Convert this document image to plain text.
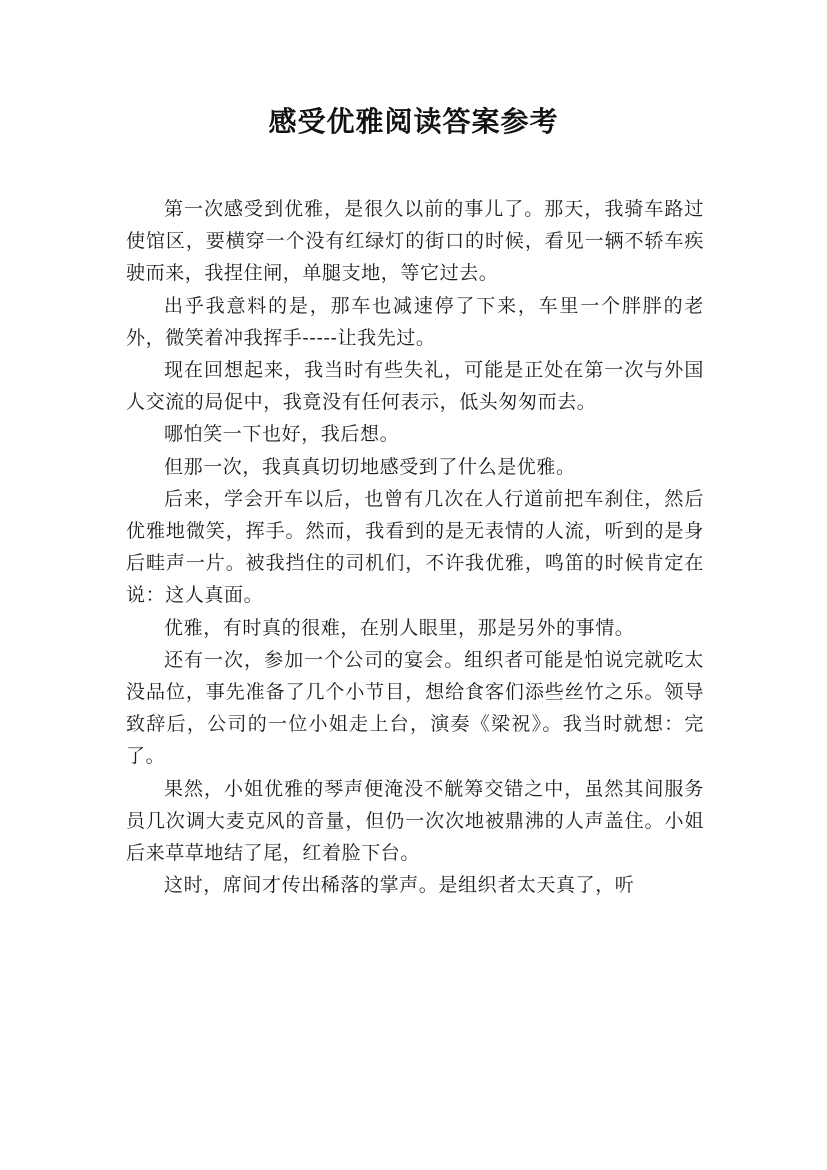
感受优雅阅读答案参考

第一次感受到优雅，是很久以前的事儿了。那天，我骑车路过使馆区，要横穿一个没有红绿灯的街口的时候，看见一辆不轿车疾驶而来，我捏住闸，单腿支地，等它过去。

出乎我意料的是，那车也减速停了下来，车里一个胖胖的老外，微笑着冲我挥手-----让我先过。

现在回想起来，我当时有些失礼，可能是正处在第一次与外国人交流的局促中，我竟没有任何表示，低头匆匆而去。

哪怕笑一下也好，我后想。

但那一次，我真真切切地感受到了什么是优雅。

后来，学会开车以后，也曾有几次在人行道前把车刹住，然后优雅地微笑，挥手。然而，我看到的是无表情的人流，听到的是身后畦声一片。被我挡住的司机们，不许我优雅，鸣笛的时候肯定在说：这人真面。

优雅，有时真的很难，在别人眼里，那是另外的事情。

还有一次，参加一个公司的宴会。组织者可能是怕说完就吃太没品位，事先准备了几个小节目，想给食客们添些丝竹之乐。领导致辞后，公司的一位小姐走上台，演奏《梁祝》。我当时就想：完了。

果然，小姐优雅的琴声便淹没不觥筹交错之中，虽然其间服务员几次调大麦克风的音量，但仍一次次地被鼎沸的人声盖住。小姐后来草草地结了尾，红着脸下台。

这时，席间才传出稀落的掌声。是组织者太天真了，听
